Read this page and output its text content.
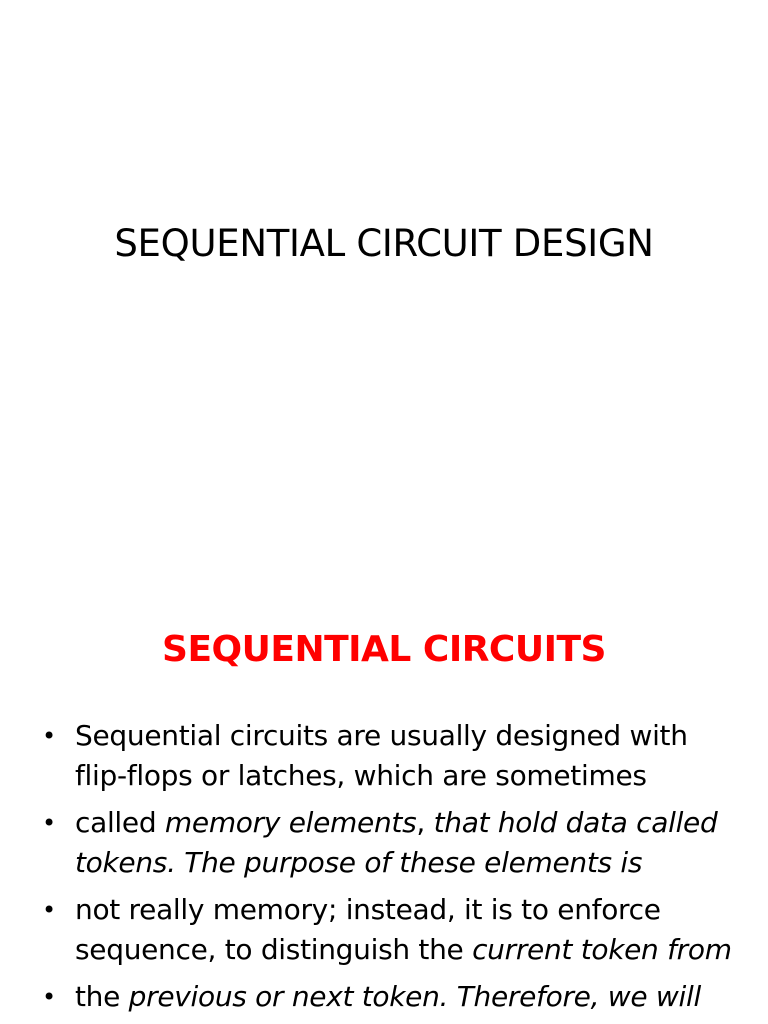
SEQUENTIAL CIRCUIT DESIGN
SEQUENTIAL CIRCUITS
• Sequential circuits are usually designed with
flip-flops or latches, which are sometimes
• called memory elements, that hold data called
tokens. The purpose of these elements is
• not really memory; instead, it is to enforce
sequence, to distinguish the current token from
• the previous or next token. Therefore, we will
